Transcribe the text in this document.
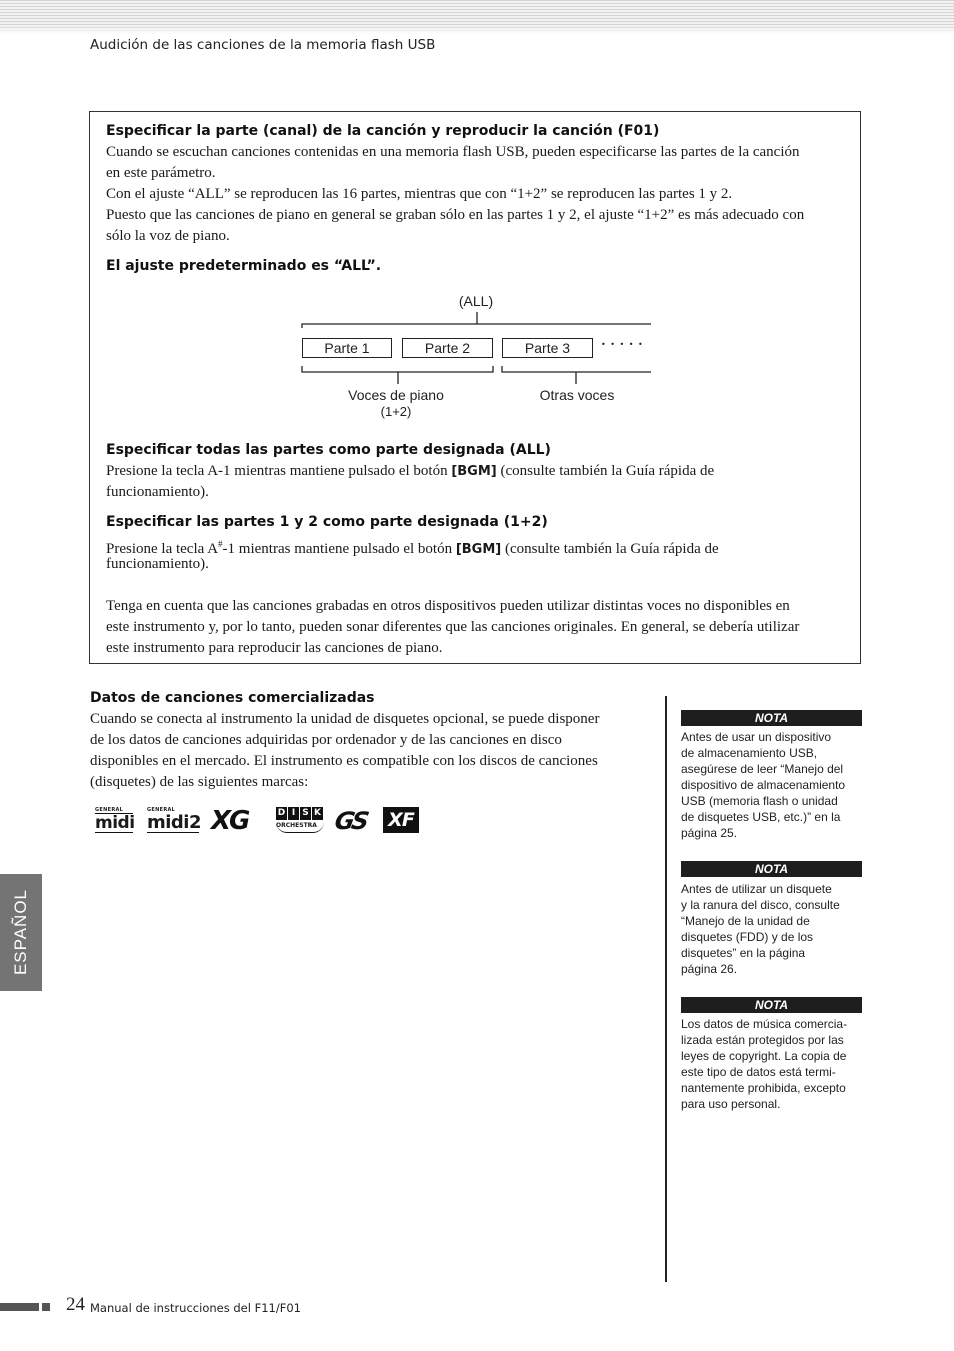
Audición de las canciones de la memoria flash USB
Especificar la parte (canal) de la canción y reproducir la canción (F01)
Cuando se escuchan canciones contenidas en una memoria flash USB, pueden especificarse las partes de la canción
en este parámetro.
Con el ajuste “ALL” se reproducen las 16 partes, mientras que con “1+2” se reproducen las partes 1 y 2.
Puesto que las canciones de piano en general se graban sólo en las partes 1 y 2, el ajuste “1+2” es más adecuado con
sólo la voz de piano.
El ajuste predeterminado es “ALL”.
(ALL)
Parte 1	Parte 2	Parte 3	• • • • •
Voces de piano
(1+2)
Otras voces
Especificar todas las partes como parte designada (ALL)
Presione la tecla A-1 mientras mantiene pulsado el botón [BGM] (consulte también la Guía rápida de
funcionamiento).
Especificar las partes 1 y 2 como parte designada (1+2)
Presione la tecla A#-1 mientras mantiene pulsado el botón [BGM] (consulte también la Guía rápida de
funcionamiento).
Tenga en cuenta que las canciones grabadas en otros dispositivos pueden utilizar distintas voces no disponibles en
este instrumento y, por lo tanto, pueden sonar diferentes que las canciones originales. En general, se debería utilizar
este instrumento para reproducir las canciones de piano.
Datos de canciones comercializadas
Cuando se conecta al instrumento la unidad de disquetes opcional, se puede disponer
de los datos de canciones adquiridas por ordenador y de las canciones en disco
disponibles en el mercado. El instrumento es compatible con los discos de canciones
(disquetes) de las siguientes marcas:
GENERAL
midi
GENERAL
midi2 XG	D I S K
ORCHESTRA GS	XF
NOTA
Antes de usar un dispositivo
de almacenamiento USB,
asegúrese de leer “Manejo del
dispositivo de almacenamiento
USB (memoria flash o unidad
de disquetes USB, etc.)” en la
página 25.
NOTA
Antes de utilizar un disquete
y la ranura del disco, consulte
“Manejo de la unidad de
disquetes (FDD) y de los
disquetes” en la página
página 26.
NOTA
Los datos de música comercia-
lizada están protegidos por las
leyes de copyright. La copia de
este tipo de datos está termi-
nantemente prohibida, excepto
para uso personal.
ESPAÑOL
24 Manual de instrucciones del F11/F01
